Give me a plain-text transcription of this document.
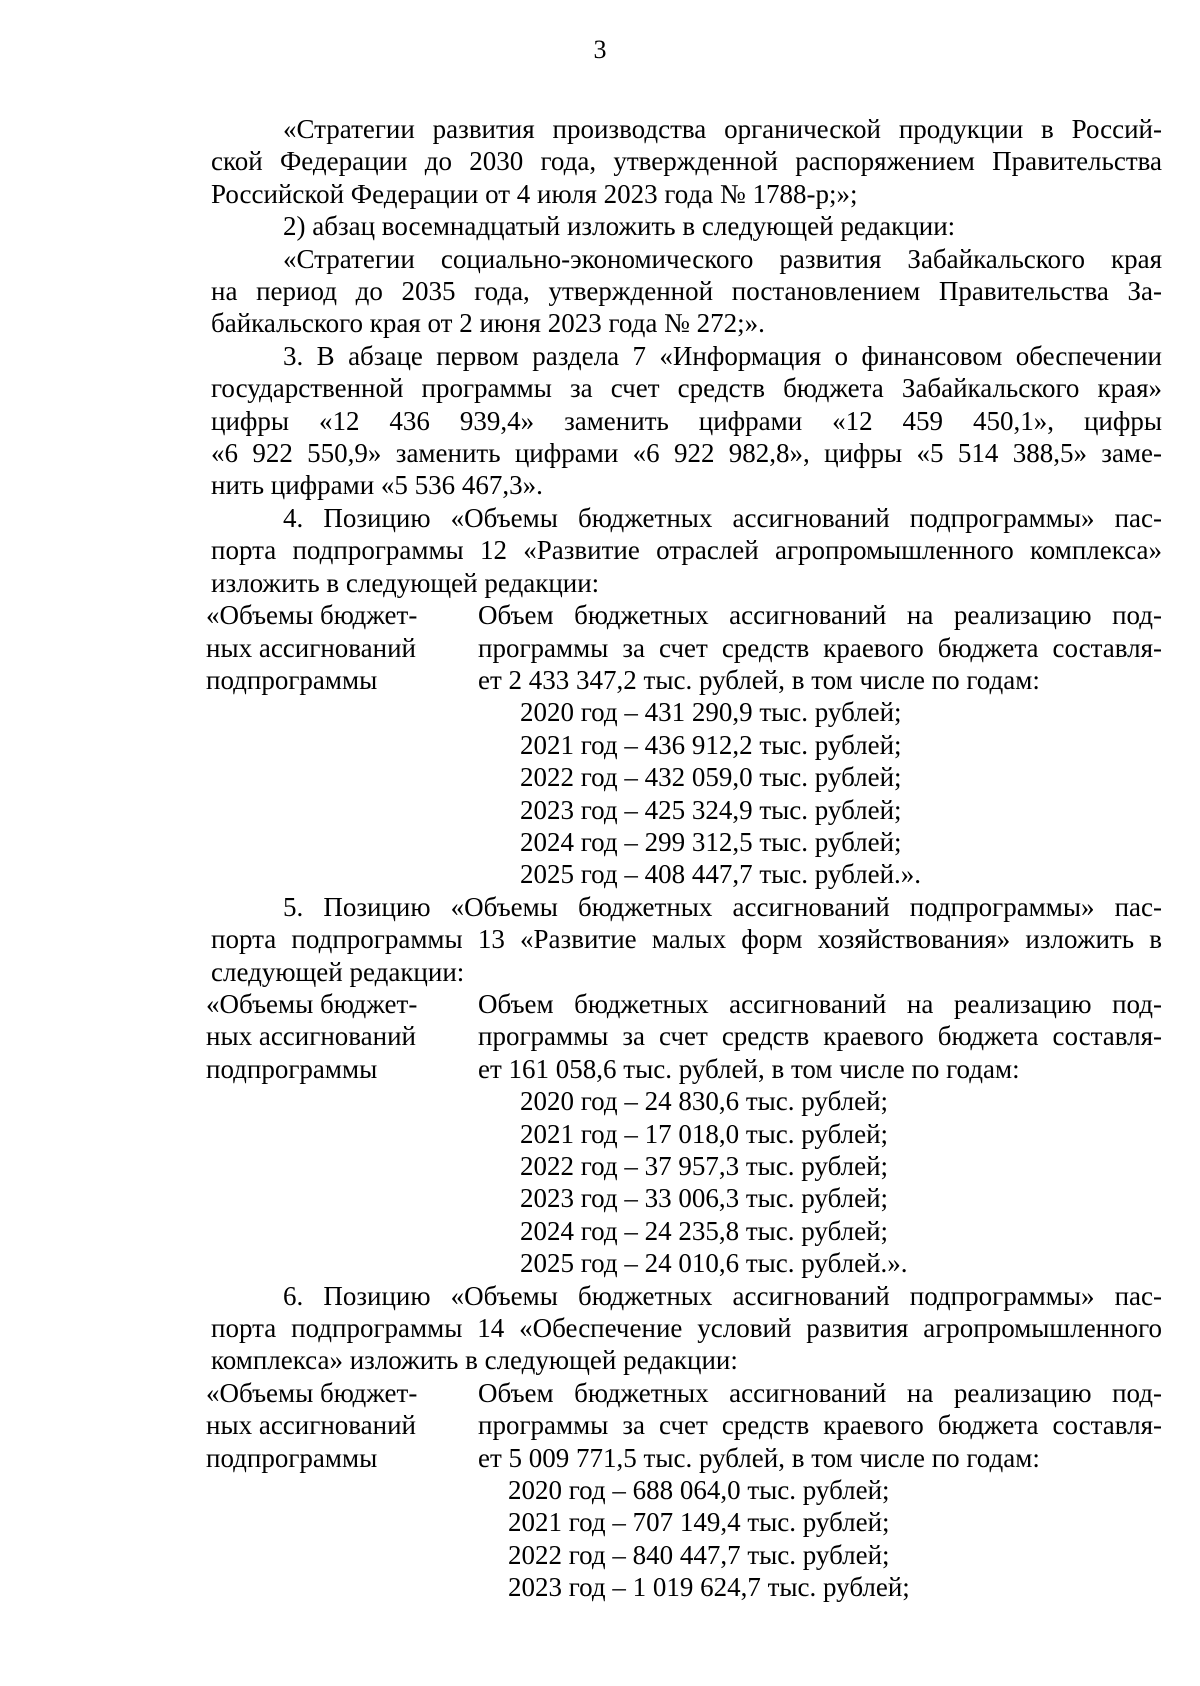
3
«Стратегии развития производства органической продукции в Россий-
ской Федерации до 2030 года, утвержденной распоряжением Правительства
Российской Федерации от 4 июля 2023 года № 1788-р;»;
2) абзац восемнадцатый изложить в следующей редакции:
«Стратегии социально-экономического развития Забайкальского края
на период до 2035 года, утвержденной постановлением Правительства За-
байкальского края от 2 июня 2023 года № 272;».
3. В абзаце первом раздела 7 «Информация о финансовом обеспечении
государственной программы за счет средств бюджета Забайкальского края»
цифры «12 436 939,4» заменить цифрами «12 459 450,1», цифры
«6 922 550,9» заменить цифрами «6 922 982,8», цифры «5 514 388,5» заме-
нить цифрами «5 536 467,3».
4. Позицию «Объемы бюджетных ассигнований подпрограммы» пас-
порта подпрограммы 12 «Развитие отраслей агропромышленного комплекса»
изложить в следующей редакции:
«Объемы бюджет-
ных ассигнований
подпрограммы
Объем бюджетных ассигнований на реализацию под-
программы за счет средств краевого бюджета составля-
ет 2 433 347,2 тыс. рублей, в том числе по годам:
2020 год – 431 290,9 тыс. рублей;
2021 год – 436 912,2 тыс. рублей;
2022 год – 432 059,0 тыс. рублей;
2023 год – 425 324,9 тыс. рублей;
2024 год – 299 312,5 тыс. рублей;
2025 год – 408 447,7 тыс. рублей.».
5. Позицию «Объемы бюджетных ассигнований подпрограммы» пас-
порта подпрограммы 13 «Развитие малых форм хозяйствования» изложить в
следующей редакции:
«Объемы бюджет-
ных ассигнований
подпрограммы
Объем бюджетных ассигнований на реализацию под-
программы за счет средств краевого бюджета составля-
ет 161 058,6 тыс. рублей, в том числе по годам:
2020 год – 24 830,6 тыс. рублей;
2021 год – 17 018,0 тыс. рублей;
2022 год – 37 957,3 тыс. рублей;
2023 год – 33 006,3 тыс. рублей;
2024 год – 24 235,8 тыс. рублей;
2025 год – 24 010,6 тыс. рублей.».
6. Позицию «Объемы бюджетных ассигнований подпрограммы» пас-
порта подпрограммы 14 «Обеспечение условий развития агропромышленного
комплекса» изложить в следующей редакции:
«Объемы бюджет-
ных ассигнований
подпрограммы
Объем бюджетных ассигнований на реализацию под-
программы за счет средств краевого бюджета составля-
ет 5 009 771,5 тыс. рублей, в том числе по годам:
2020 год – 688 064,0 тыс. рублей;
2021 год – 707 149,4 тыс. рублей;
2022 год – 840 447,7 тыс. рублей;
2023 год – 1 019 624,7 тыс. рублей;
